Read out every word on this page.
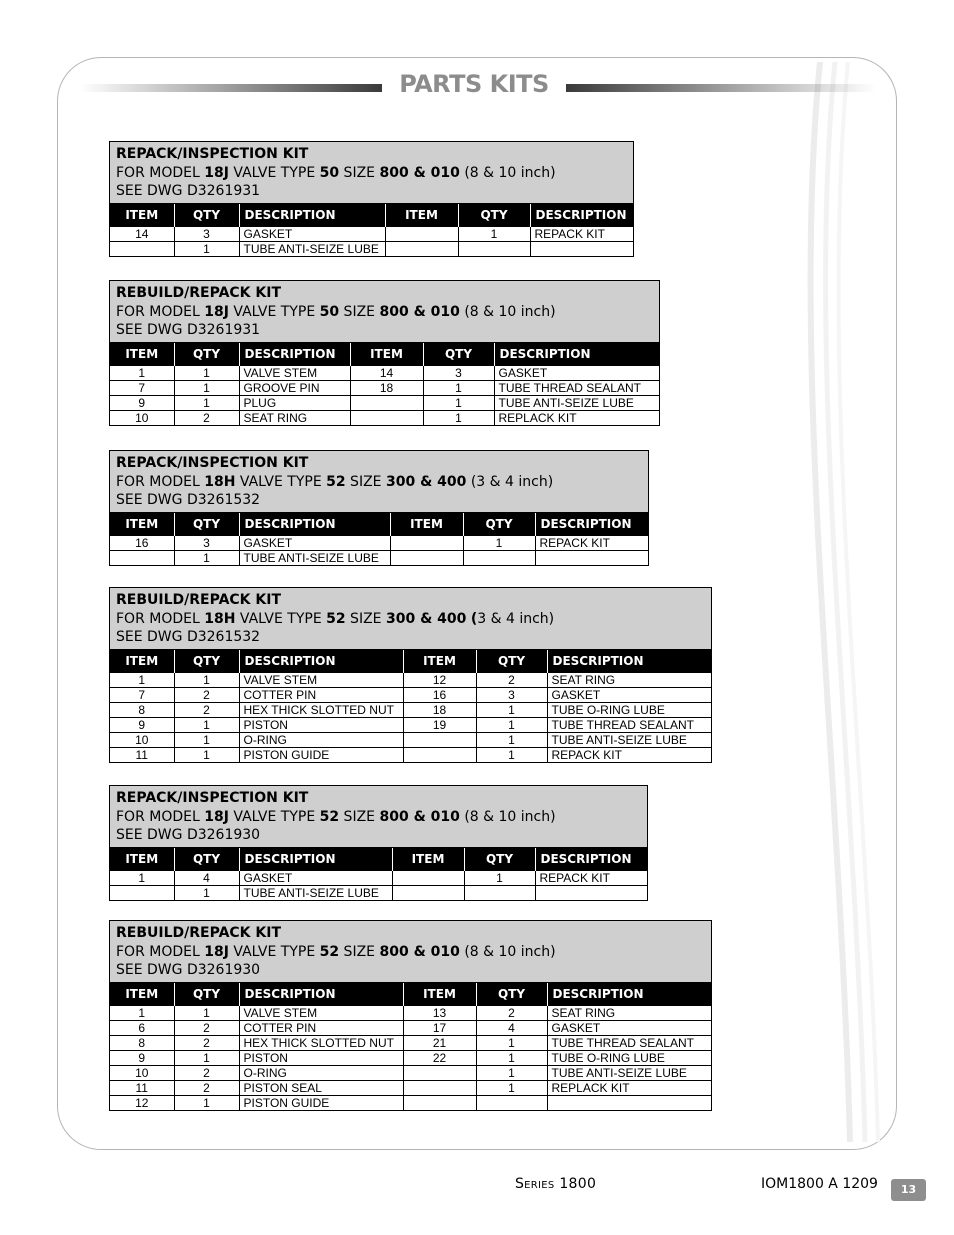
PARTS KITS
REPACK/INSPECTION KIT
FOR MODEL 18J VALVE TYPE 50 SIZE 800 & 010 (8 & 10 inch)
SEE DWG D3261931
ITEM	QTY	DESCRIPTION	ITEM	QTY	DESCRIPTION
14	3	GASKET		1	REPACK KIT
	1	TUBE ANTI-SEIZE LUBE			
REBUILD/REPACK KIT
FOR MODEL 18J VALVE TYPE 50 SIZE 800 & 010 (8 & 10 inch)
SEE DWG D3261931
ITEM	QTY	DESCRIPTION	ITEM	QTY	DESCRIPTION
1	1	VALVE STEM	14	3	GASKET
7	1	GROOVE PIN	18	1	TUBE THREAD SEALANT
9	1	PLUG		1	TUBE ANTI-SEIZE LUBE
10	2	SEAT RING		1	REPLACK KIT
REPACK/INSPECTION KIT
FOR MODEL 18H VALVE TYPE 52 SIZE 300 & 400 (3 & 4 inch)
SEE DWG D3261532
ITEM	QTY	DESCRIPTION	ITEM	QTY	DESCRIPTION
16	3	GASKET		1	REPACK KIT
	1	TUBE ANTI-SEIZE LUBE			
REBUILD/REPACK KIT
FOR MODEL 18H VALVE TYPE 52 SIZE 300 & 400 (3 & 4 inch)
SEE DWG D3261532
ITEM	QTY	DESCRIPTION	ITEM	QTY	DESCRIPTION
1	1	VALVE STEM	12	2	SEAT RING
7	2	COTTER PIN	16	3	GASKET
8	2	HEX THICK SLOTTED NUT	18	1	TUBE O-RING LUBE
9	1	PISTON	19	1	TUBE THREAD SEALANT
10	1	O-RING		1	TUBE ANTI-SEIZE LUBE
11	1	PISTON GUIDE		1	REPACK KIT
REPACK/INSPECTION KIT
FOR MODEL 18J VALVE TYPE 52 SIZE 800 & 010 (8 & 10 inch)
SEE DWG D3261930
ITEM	QTY	DESCRIPTION	ITEM	QTY	DESCRIPTION
1	4	GASKET		1	REPACK KIT
	1	TUBE ANTI-SEIZE LUBE			
REBUILD/REPACK KIT
FOR MODEL 18J VALVE TYPE 52 SIZE 800 & 010 (8 & 10 inch)
SEE DWG D3261930
ITEM	QTY	DESCRIPTION	ITEM	QTY	DESCRIPTION
1	1	VALVE STEM	13	2	SEAT RING
6	2	COTTER PIN	17	4	GASKET
8	2	HEX THICK SLOTTED NUT	21	1	TUBE THREAD SEALANT
9	1	PISTON	22	1	TUBE O-RING LUBE
10	2	O-RING		1	TUBE ANTI-SEIZE LUBE
11	2	PISTON SEAL		1	REPLACK KIT
12	1	PISTON GUIDE			
Series 1800	IOM1800 A 1209	13
